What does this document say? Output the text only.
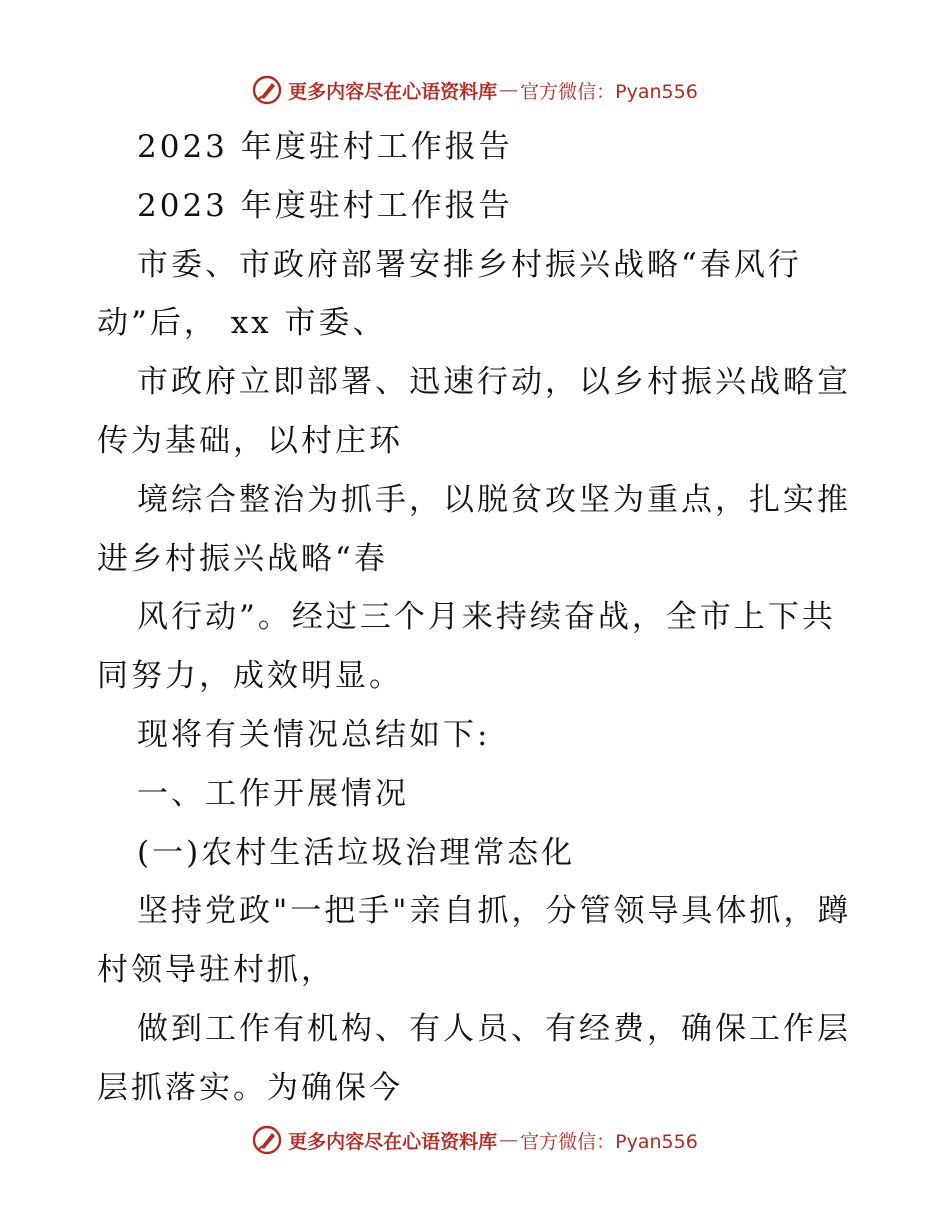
更多内容尽在心语资料库 — 官方微信：Pyan556
2023 年度驻村工作报告
2023 年度驻村工作报告
市委、市政府部署安排乡村振兴战略“春风行
动”后， xx 市委、
市政府立即部署、迅速行动，以乡村振兴战略宣
传为基础，以村庄环
境综合整治为抓手，以脱贫攻坚为重点，扎实推
进乡村振兴战略“春
风行动”。经过三个月来持续奋战，全市上下共
同努力，成效明显。
现将有关情况总结如下:
一、工作开展情况
(一)农村生活垃圾治理常态化
坚持党政"一把手"亲自抓，分管领导具体抓，蹲
村领导驻村抓，
做到工作有机构、有人员、有经费，确保工作层
层抓落实。为确保今
更多内容尽在心语资料库 — 官方微信：Pyan556
